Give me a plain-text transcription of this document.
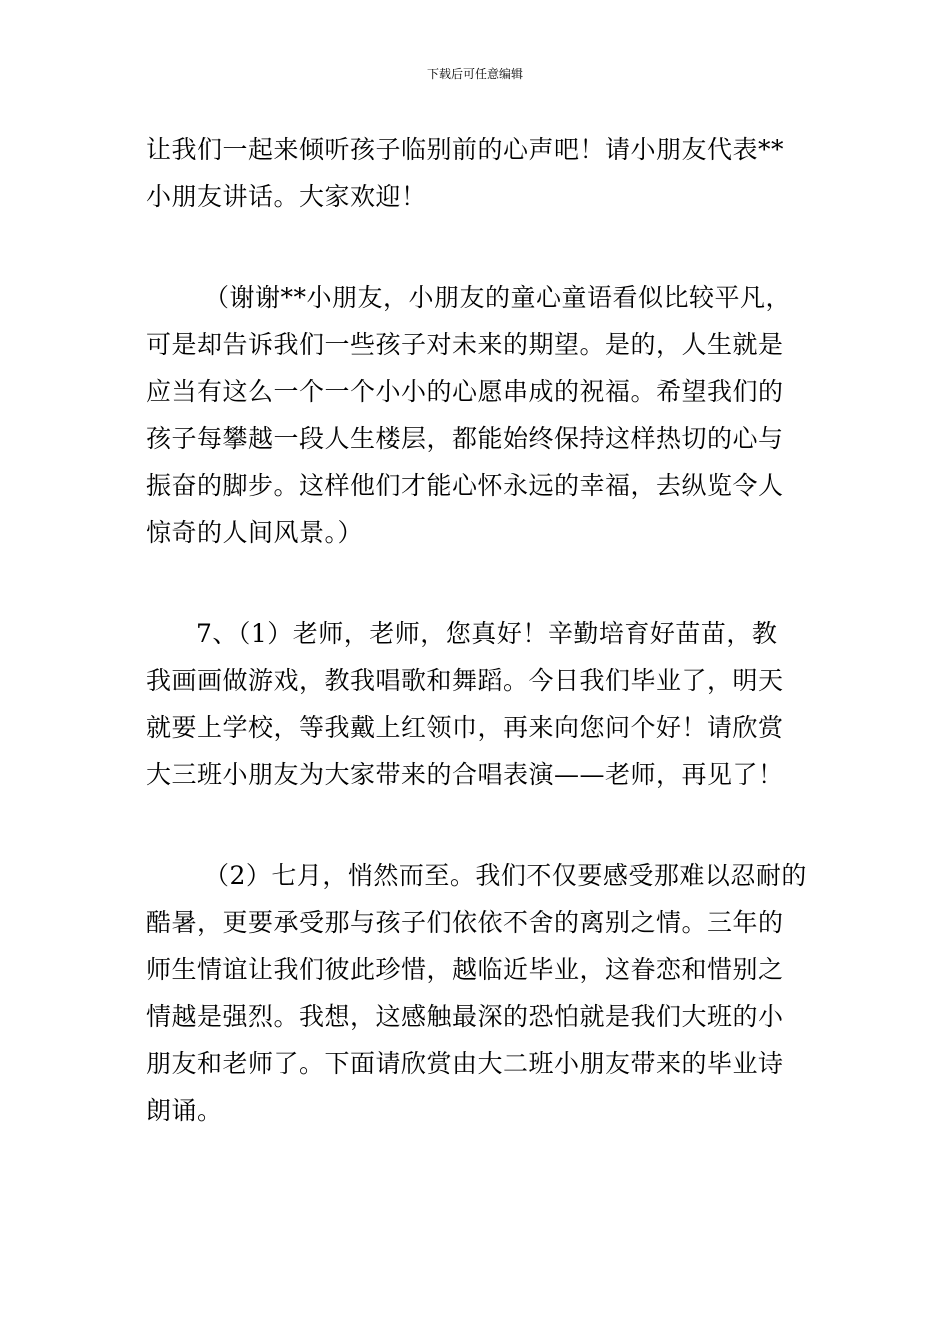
下载后可任意编辑

让我们一起来倾听孩子临别前的心声吧！请小朋友代表**
小朋友讲话。大家欢迎！

（谢谢**小朋友，小朋友的童心童语看似比较平凡，
可是却告诉我们一些孩子对未来的期望。是的，人生就是
应当有这么一个一个小小的心愿串成的祝福。希望我们的
孩子每攀越一段人生楼层，都能始终保持这样热切的心与
振奋的脚步。这样他们才能心怀永远的幸福，去纵览令人
惊奇的人间风景。）

7、（1）老师，老师，您真好！辛勤培育好苗苗，教
我画画做游戏，教我唱歌和舞蹈。今日我们毕业了，明天
就要上学校，等我戴上红领巾，再来向您问个好！请欣赏
大三班小朋友为大家带来的合唱表演——老师，再见了！

（2）七月，悄然而至。我们不仅要感受那难以忍耐的
酷暑，更要承受那与孩子们依依不舍的离别之情。三年的
师生情谊让我们彼此珍惜，越临近毕业，这眷恋和惜别之
情越是强烈。我想，这感触最深的恐怕就是我们大班的小
朋友和老师了。下面请欣赏由大二班小朋友带来的毕业诗
朗诵。
